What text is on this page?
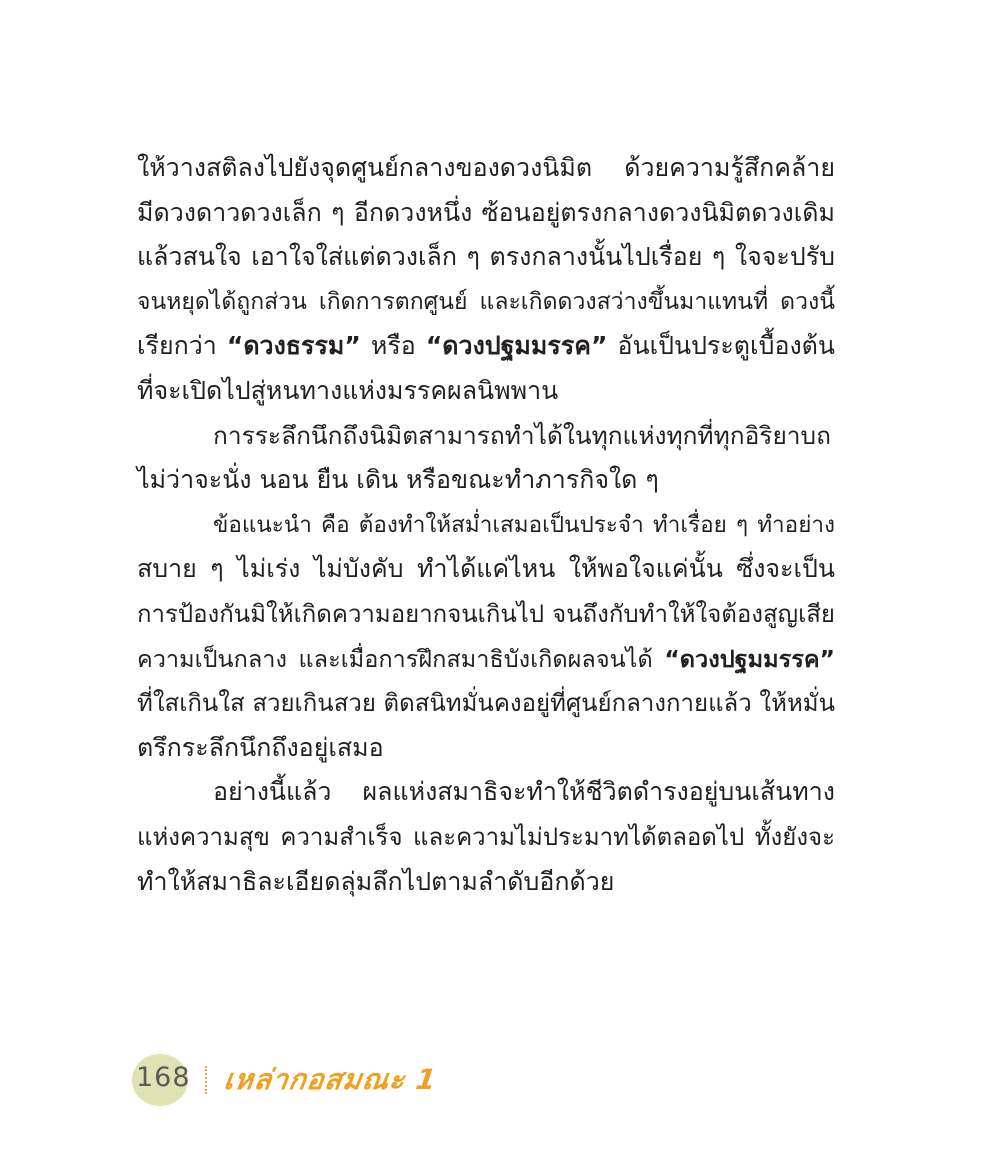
ให้วางสติลงไปยังจุดศูนย์กลางของดวงนิมิต ด้วยความรู้สึกคล้าย
มีดวงดาวดวงเล็ก ๆ อีกดวงหนึ่ง ซ้อนอยู่ตรงกลางดวงนิมิตดวงเดิม
แล้วสนใจ เอาใจใส่แต่ดวงเล็ก ๆ ตรงกลางนั้นไปเรื่อย ๆ ใจจะปรับ
จนหยุดได้ถูกส่วน เกิดการตกศูนย์ และเกิดดวงสว่างขึ้นมาแทนที่ ดวงนี้
เรียกว่า “ดวงธรรม” หรือ “ดวงปฐมมรรค” อันเป็นประตูเบื้องต้น
ที่จะเปิดไปสู่หนทางแห่งมรรคผลนิพพาน
การระลึกนึกถึงนิมิตสามารถทำได้ในทุกแห่งทุกที่ทุกอิริยาบถ
ไม่ว่าจะนั่ง นอน ยืน เดิน หรือขณะทำภารกิจใด ๆ
ข้อแนะนำ คือ ต้องทำให้สม่ำเสมอเป็นประจำ ทำเรื่อย ๆ ทำอย่าง
สบาย ๆ ไม่เร่ง ไม่บังคับ ทำได้แค่ไหน ให้พอใจแค่นั้น ซึ่งจะเป็น
การป้องกันมิให้เกิดความอยากจนเกินไป จนถึงกับทำให้ใจต้องสูญเสีย
ความเป็นกลาง และเมื่อการฝึกสมาธิบังเกิดผลจนได้ “ดวงปฐมมรรค”
ที่ใสเกินใส สวยเกินสวย ติดสนิทมั่นคงอยู่ที่ศูนย์กลางกายแล้ว ให้หมั่น
ตรึกระลึกนึกถึงอยู่เสมอ
อย่างนี้แล้ว ผลแห่งสมาธิจะทำให้ชีวิตดำรงอยู่บนเส้นทาง
แห่งความสุข ความสำเร็จ และความไม่ประมาทได้ตลอดไป ทั้งยังจะ
ทำให้สมาธิละเอียดลุ่มลึกไปตามลำดับอีกด้วย
168 เหล่ากอสมณะ 1
